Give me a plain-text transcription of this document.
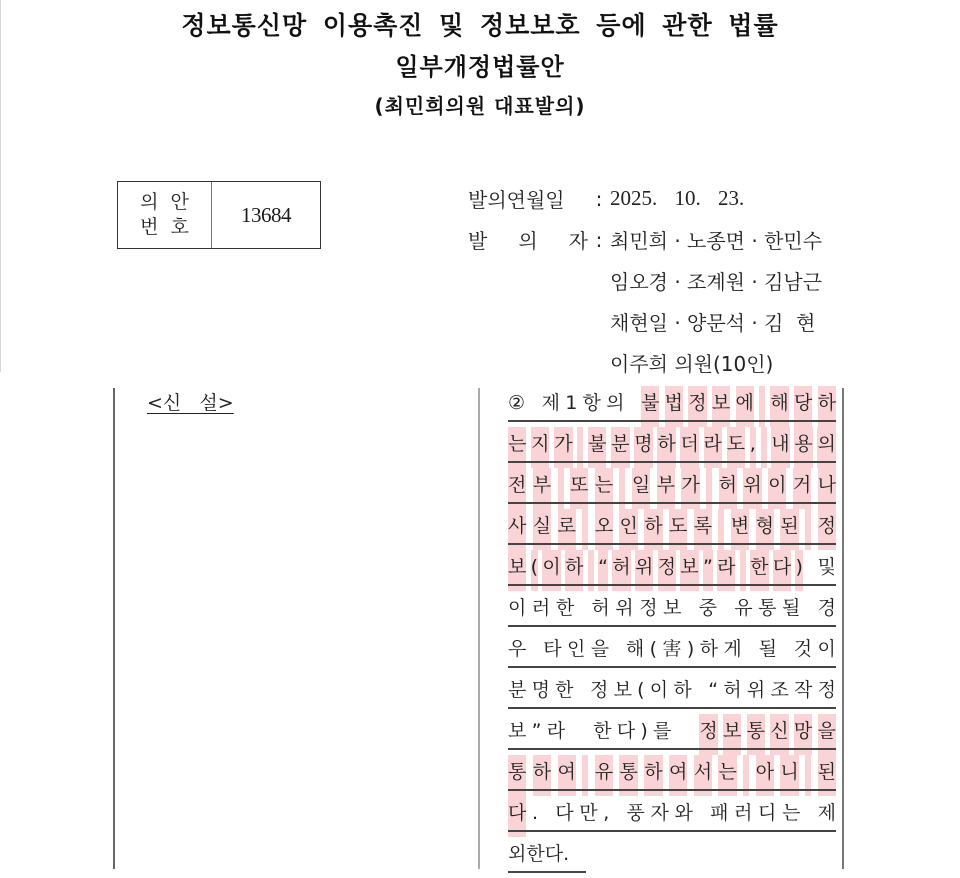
정보통신망 이용촉진 및 정보보호 등에 관한 법률
일부개정법률안
(최민희의원 대표발의)
의안
번호
13684
발의연월일	: 2025. 10. 23.
발 의 자 : 최민희 · 노종면 · 한민수
임오경 · 조계원 · 김남근
채현일 · 양문석 · 김  현
이주희 의원(10인)
<신   설>	②
제 1 항 의
불 법 정 보 에
해 당 하
는 지 가
불 분 명 하 더 라 도 ,
내 용 의
전 부
또 는
일 부 가
허 위 이 거 나
사 실 로
오 인 하 도 록
변 형 된
정
보 ( 이 하
“ 허 위 정 보 ” 라
한 다 )
및
이 러 한
허 위 정 보
중
유 통 될
경
우
타 인 을
해 ( 害 ) 하 게
될
것 이
분 명 한
정 보 ( 이 하
“ 허 위 조 작 정
보 ” 라

한 다 ) 를

정 보 통 신 망 을
통 하 여
유 통 하 여 서 는
아 니
된
다 .
다 만 ,
풍 자 와
패 러 디 는
제
외 한 다 .
